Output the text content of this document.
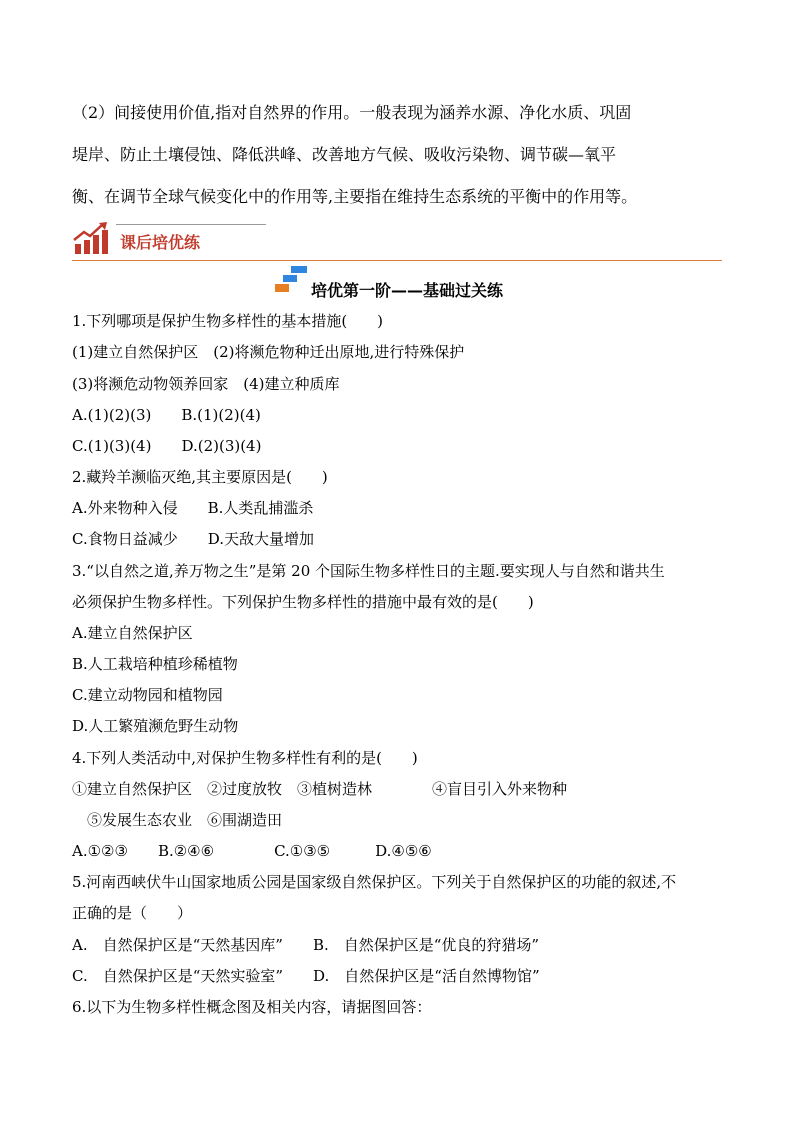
（2）间接使用价值,指对自然界的作用。一般表现为涵养水源、净化水质、巩固

堤岸、防止土壤侵蚀、降低洪峰、改善地方气候、吸收污染物、调节碳—氧平

衡、在调节全球气候变化中的作用等,主要指在维持生态系统的平衡中的作用等。

课后培优练
培优第一阶——基础过关练
1.下列哪项是保护生物多样性的基本措施(　　)
(1)建立自然保护区　(2)将濒危物种迁出原地,进行特殊保护
(3)将濒危动物领养回家　(4)建立种质库
A.(1)(2)(3)　　B.(1)(2)(4)
C.(1)(3)(4)　　D.(2)(3)(4)
2.藏羚羊濒临灭绝,其主要原因是(　　)
A.外来物种入侵　　B.人类乱捕滥杀
C.食物日益减少　　D.天敌大量增加
3.“以自然之道,养万物之生”是第 20 个国际生物多样性日的主题.要实现人与自然和谐共生
必须保护生物多样性。下列保护生物多样性的措施中最有效的是(　　)
A.建立自然保护区
B.人工栽培种植珍稀植物
C.建立动物园和植物园
D.人工繁殖濒危野生动物
4.下列人类活动中,对保护生物多样性有利的是(　　)
①建立自然保护区　②过度放牧　③植树造林　　　　④盲目引入外来物种
　⑤发展生态农业　⑥围湖造田
A.①②③　　B.②④⑥　　　　C.①③⑤　　　D.④⑤⑥
5.河南西峡伏牛山国家地质公园是国家级自然保护区。下列关于自然保护区的功能的叙述,不
正确的是（　　）
A.　自然保护区是“天然基因库”　　B.　自然保护区是“优良的狩猎场”
C.　自然保护区是“天然实验室”　　D.　自然保护区是“活自然博物馆”
6.以下为生物多样性概念图及相关内容，请据图回答：
